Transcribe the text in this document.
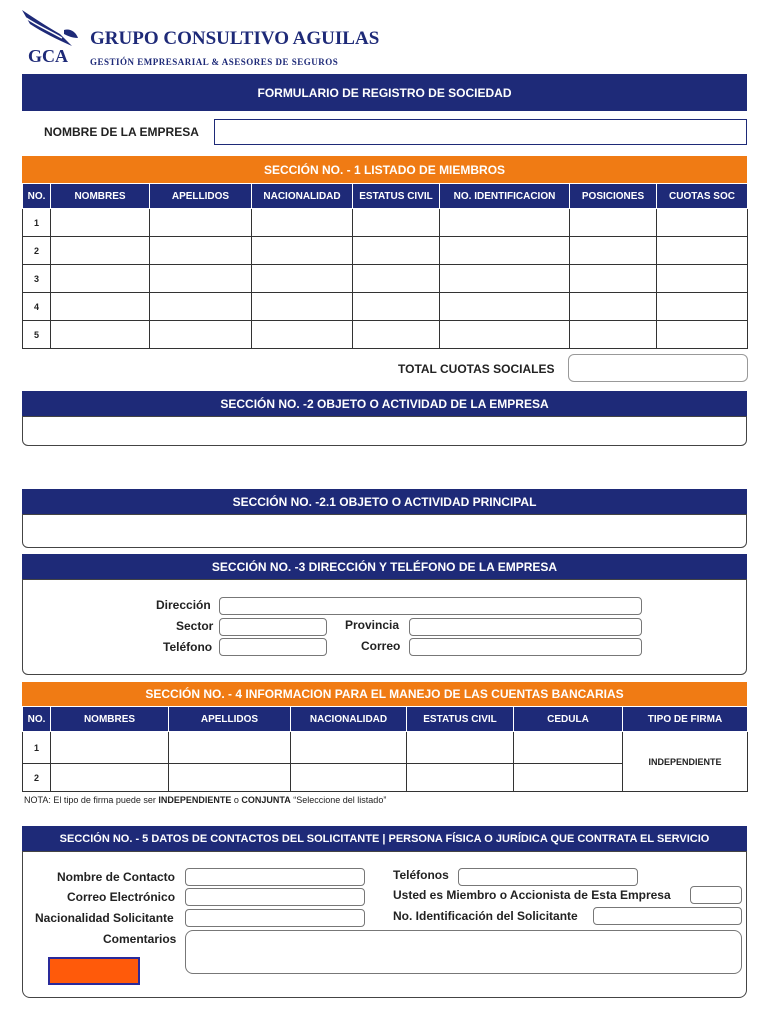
GCA
GRUPO CONSULTIVO AGUILAS
GESTIÓN EMPRESARIAL & ASESORES DE SEGUROS
FORMULARIO DE REGISTRO DE SOCIEDAD
NOMBRE DE LA EMPRESA
SECCIÓN NO. - 1 LISTADO DE MIEMBROS
NO.	NOMBRES	APELLIDOS	NACIONALIDAD	ESTATUS CIVIL	NO. IDENTIFICACION	POSICIONES	CUOTAS SOC
1							
2							
3							
4							
5							
TOTAL CUOTAS SOCIALES
SECCIÓN NO. -2 OBJETO O ACTIVIDAD DE LA EMPRESA
SECCIÓN NO. -2.1 OBJETO O ACTIVIDAD PRINCIPAL
SECCIÓN NO. -3 DIRECCIÓN Y TELÉFONO DE LA EMPRESA
Dirección
Sector	Provincia
Teléfono	Correo
SECCIÓN NO. - 4 INFORMACION PARA EL MANEJO DE LAS CUENTAS BANCARIAS
NO.	NOMBRES	APELLIDOS	NACIONALIDAD	ESTATUS CIVIL	CEDULA	TIPO DE FIRMA
1						INDEPENDIENTE
2						
NOTA: El tipo de firma puede ser INDEPENDIENTE o CONJUNTA “Seleccione del listado”
SECCIÓN NO. - 5 DATOS DE CONTACTOS DEL SOLICITANTE | PERSONA FÍSICA O JURÍDICA QUE CONTRATA EL SERVICIO
Nombre de Contacto
Correo Electrónico
Nacionalidad Solicitante
Comentarios
Teléfonos
Usted es Miembro o Accionista de Esta Empresa
No. Identificación del Solicitante
